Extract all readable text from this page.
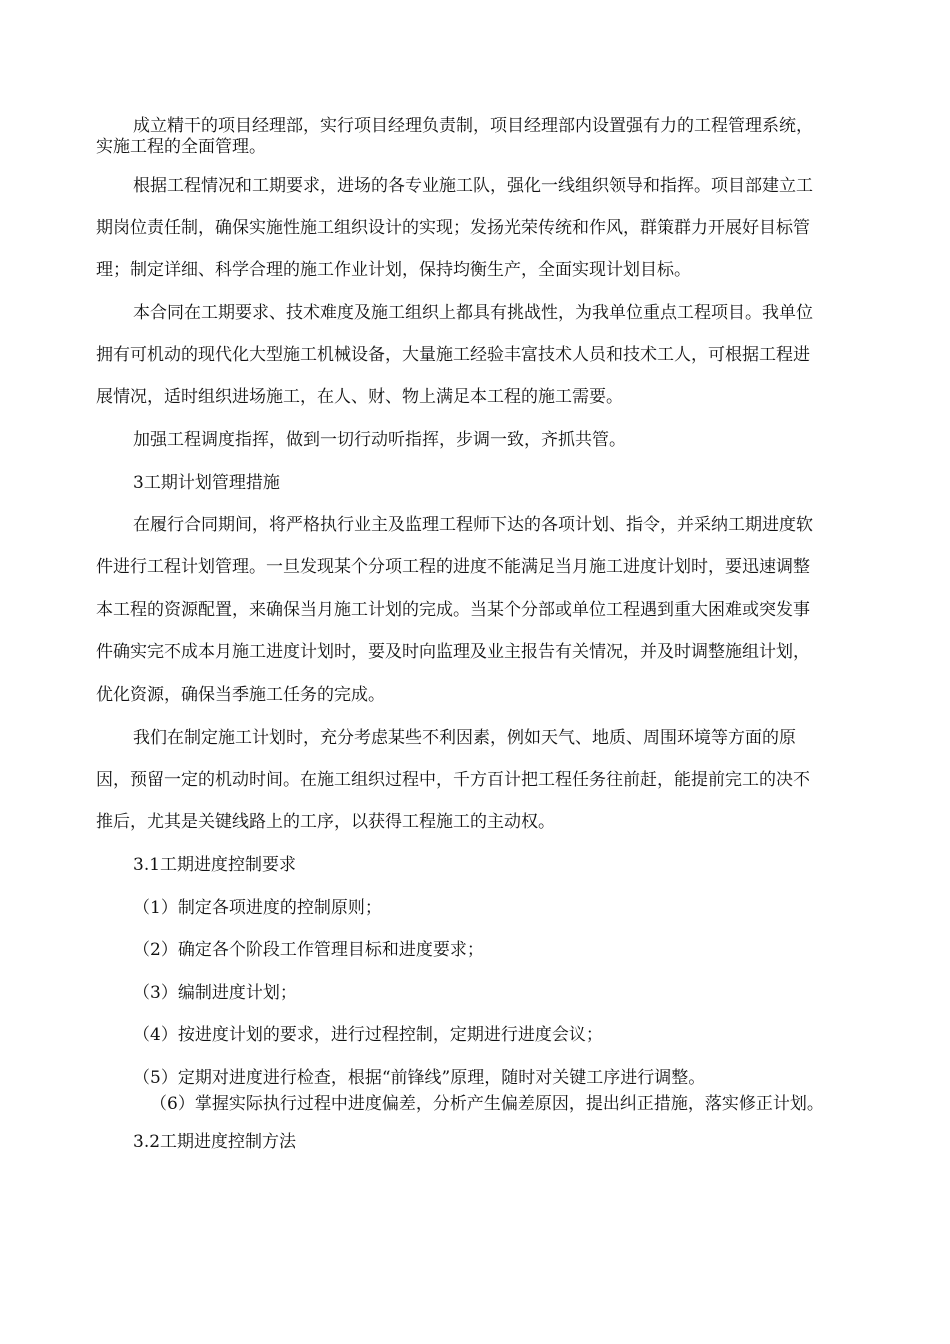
成立精干的项目经理部，实行项目经理负责制，项目经理部内设置强有力的工程管理系统，
实施工程的全面管理。
根据工程情况和工期要求，进场的各专业施工队，强化一线组织领导和指挥。项目部建立工
期岗位责任制，确保实施性施工组织设计的实现；发扬光荣传统和作风，群策群力开展好目标管
理；制定详细、科学合理的施工作业计划，保持均衡生产，全面实现计划目标。
本合同在工期要求、技术难度及施工组织上都具有挑战性，为我单位重点工程项目。我单位
拥有可机动的现代化大型施工机械设备，大量施工经验丰富技术人员和技术工人，可根据工程进
展情况，适时组织进场施工，在人、财、物上满足本工程的施工需要。
加强工程调度指挥，做到一切行动听指挥，步调一致，齐抓共管。
3工期计划管理措施
在履行合同期间，将严格执行业主及监理工程师下达的各项计划、指令，并采纳工期进度软
件进行工程计划管理。一旦发现某个分项工程的进度不能满足当月施工进度计划时，要迅速调整
本工程的资源配置，来确保当月施工计划的完成。当某个分部或单位工程遇到重大困难或突发事
件确实完不成本月施工进度计划时，要及时向监理及业主报告有关情况，并及时调整施组计划，
优化资源，确保当季施工任务的完成。
我们在制定施工计划时，充分考虑某些不利因素，例如天气、地质、周围环境等方面的原
因，预留一定的机动时间。在施工组织过程中，千方百计把工程任务往前赶，能提前完工的决不
推后，尤其是关键线路上的工序，以获得工程施工的主动权。
3.1工期进度控制要求
（1）制定各项进度的控制原则；
（2）确定各个阶段工作管理目标和进度要求；
（3）编制进度计划；
（4）按进度计划的要求，进行过程控制，定期进行进度会议；
（5）定期对进度进行检查，根据“前锋线”原理，随时对关键工序进行调整。
（6）掌握实际执行过程中进度偏差，分析产生偏差原因，提出纠正措施，落实修正计划。
3.2工期进度控制方法
